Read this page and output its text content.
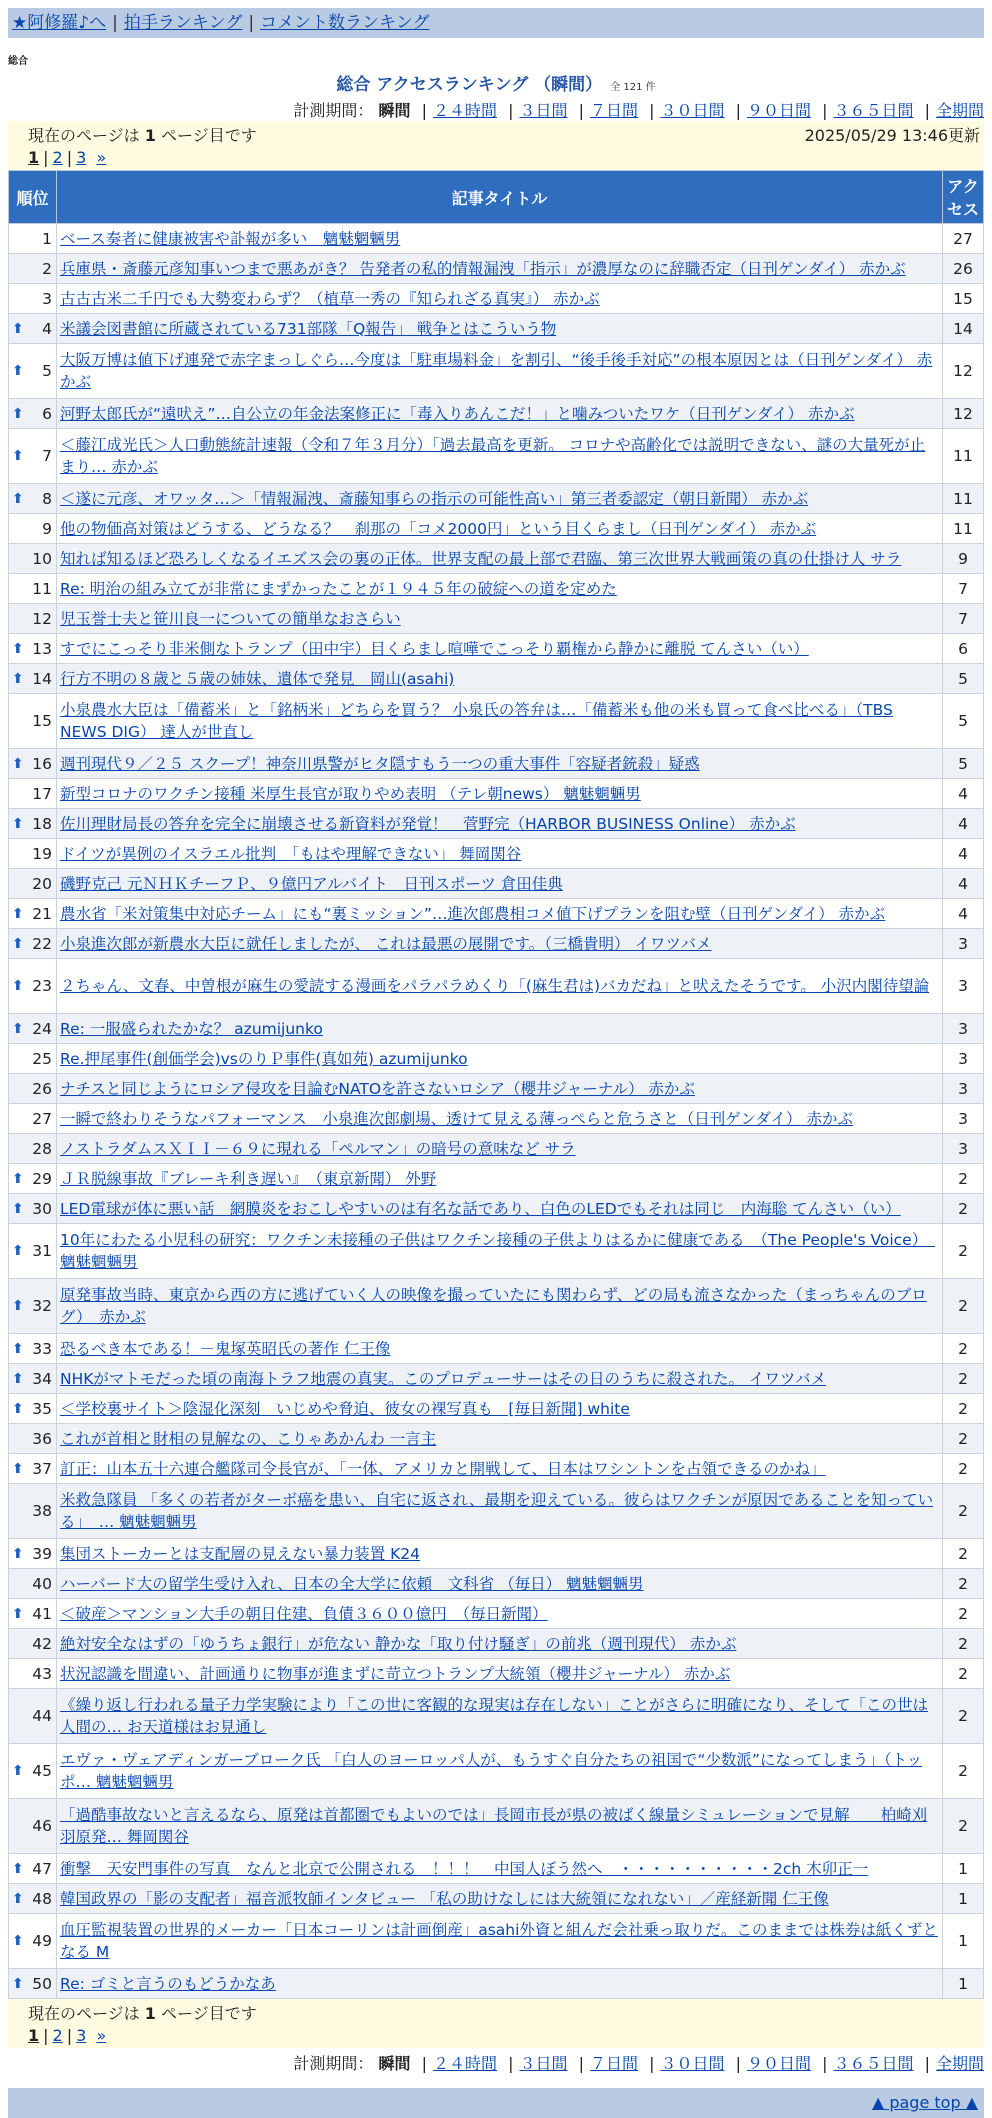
★阿修羅♪へ | 拍手ランキング | コメント数ランキング
総合
総合 アクセスランキング （瞬間） 全 121 件
計測期間： 瞬間 | ２４時間 | ３日間 | ７日間 | ３０日間 | ９０日間 | ３６５日間 | 全期間
現在のページは 1 ページ目です	2025/05/29 13:46更新
1 | 2 | 3 »
順位	記事タイトル	アクセス
1	ベース奏者に健康被害や訃報が多い　魑魅魍魎男	27
2	兵庫県・斎藤元彦知事いつまで悪あがき？ 告発者の私的情報漏洩「指示」が濃厚なのに辞職否定（日刊ゲンダイ） 赤かぶ	26
3	古古古米二千円でも大勢変わらず？（植草一秀の『知られざる真実』） 赤かぶ	15

⬆ 4	米議会図書館に所蔵されている731部隊「Q報告」 戦争とはこういう物	14

⬆ 5	大阪万博は値下げ連発で赤字まっしぐら…今度は「駐車場料金」を割引、“後手後手対応”の根本原因とは（日刊ゲンダイ） 赤かぶ	12

⬆ 6	河野太郎氏が“遠吠え”…自公立の年金法案修正に「毒入りあんこだ！」と噛みついたワケ（日刊ゲンダイ） 赤かぶ	12

⬆ 7	＜藤江成光氏＞人口動態統計速報（令和７年３月分）「過去最高を更新。 コロナや高齢化では説明できない、謎の大量死が止まり… 赤かぶ	11

⬆ 8	＜遂に元彦、オワッタ…＞「情報漏洩、斎藤知事らの指示の可能性高い」第三者委認定（朝日新聞） 赤かぶ	11
9	他の物価高対策はどうする、どうなる？　刹那の「コメ2000円」という目くらまし（日刊ゲンダイ） 赤かぶ	11
10	知れば知るほど恐ろしくなるイエズス会の裏の正体。世界支配の最上部で君臨、第三次世界大戦画策の真の仕掛け人 サラ	9
11	Re: 明治の組み立てが非常にまずかったことが１９４５年の破綻への道を定めた	7
12	児玉誉士夫と笹川良一についての簡単なおさらい	7

⬆ 13	すでにこっそり非米側なトランプ（田中宇）目くらまし喧嘩でこっそり覇権から静かに離脱 てんさい（い）	6

⬆ 14	行方不明の８歳と５歳の姉妹、遺体で発見　岡山(asahi)	5
15	小泉農水大臣は「備蓄米」と「銘柄米」どちらを買う？ 小泉氏の答弁は…「備蓄米も他の米も買って食べ比べる」（TBS NEWS DIG） 達人が世直し	5

⬆ 16	週刊現代９／２５ スクープ！神奈川県警がヒタ隠すもう一つの重大事件「容疑者銃殺」疑惑	5
17	新型コロナのワクチン接種 米厚生長官が取りやめ表明 （テレ朝news） 魑魅魍魎男	4

⬆ 18	佐川理財局長の答弁を完全に崩壊させる新資料が発覚！　菅野完（HARBOR BUSINESS Online） 赤かぶ	4
19	ドイツが異例のイスラエル批判　「もはや理解できない」 舞岡関谷	4
20	磯野克己 元ＮＨＫチーフＰ、９億円アルバイト　日刊スポーツ 倉田佳典	4

⬆ 21	農水省「米対策集中対応チーム」にも“裏ミッション”…進次郎農相コメ値下げプランを阻む壁（日刊ゲンダイ） 赤かぶ	4

⬆ 22	小泉進次郎が新農水大臣に就任しましたが、 これは最悪の展開です。（三橋貴明） イワツバメ	3

⬆ 23	２ちゃん、文春、中曽根が麻生の愛読する漫画をパラパラめくり「(麻生君は)バカだね」と吠えたそうです。 小沢内閣待望論	3

⬆ 24	Re: 一服盛られたかな？ azumijunko	3
25	Re.押尾事件(創価学会)vsのりＰ事件(真如苑) azumijunko	3
26	ナチスと同じようにロシア侵攻を目論むNATOを許さないロシア（櫻井ジャーナル） 赤かぶ	3
27	一瞬で終わりそうなパフォーマンス　小泉進次郎劇場、透けて見える薄っぺらと危うさと（日刊ゲンダイ） 赤かぶ	3
28	ノストラダムスＸＩＩ－６９に現れる「ペルマン」の暗号の意味など サラ	3

⬆ 29	ＪＲ脱線事故『ブレーキ利き遅い』　（東京新聞） 外野	2

⬆ 30	LED電球が体に悪い話　網膜炎をおこしやすいのは有名な話であり、白色のLEDでもそれは同じ　内海聡 てんさい（い）	2

⬆ 31	10年にわたる小児科の研究：ワクチン未接種の子供はワクチン接種の子供よりはるかに健康である　（The People's Voice）　魑魅魍魎男	2

⬆ 32	原発事故当時、東京から西の方に逃げていく人の映像を撮っていたにも関わらず、どの局も流さなかった（まっちゃんのブログ）　赤かぶ	2

⬆ 33	恐るべき本である！－鬼塚英昭氏の著作 仁王像	2

⬆ 34	NHKがマトモだった頃の南海トラフ地震の真実。このプロデューサーはその日のうちに殺された。 イワツバメ	2

⬆ 35	＜学校裏サイト＞陰湿化深刻　いじめや脅迫、彼女の裸写真も　[毎日新聞] white	2
36	これが首相と財相の見解なの、こりゃあかんわ 一言主	2

⬆ 37	訂正：山本五十六連合艦隊司令長官が、「一体、アメリカと開戦して、日本はワシントンを占領できるのかね」	2
38	米救急隊員 「多くの若者がターボ癌を患い、自宅に返され、最期を迎えている。彼らはワクチンが原因であることを知っている」　… 魑魅魍魎男	2

⬆ 39	集団ストーカーとは支配層の見えない暴力装置 K24	2
40	ハーバード大の留学生受け入れ、日本の全大学に依頼　文科省 （毎日） 魑魅魍魎男	2

⬆ 41	＜破産＞マンション大手の朝日住建、負債３６００億円　（毎日新聞）	2
42	絶対安全なはずの「ゆうちょ銀行」が危ない 静かな「取り付け騒ぎ」の前兆（週刊現代） 赤かぶ	2
43	状況認識を間違い、計画通りに物事が進まずに苛立つトランプ大統領（櫻井ジャーナル） 赤かぶ	2
44	《繰り返し行われる量子力学実験により「この世に客観的な現実は存在しない」ことがさらに明確になり、そして「この世は人間の… お天道様はお見通し	2

⬆ 45	エヴァ・ヴェアディンガーブローク氏 「白人のヨーロッパ人が、もうすぐ自分たちの祖国で“少数派”になってしまう」（トッポ… 魑魅魍魎男	2
46	「過酷事故ないと言えるなら、原発は首都圏でもよいのでは」長岡市長が県の被ばく線量シミュレーションで見解　　柏崎刈羽原発… 舞岡関谷	2

⬆ 47	衝撃　天安門事件の写真　なんと北京で公開される　！！！　中国人ぼう然へ　・・・・・・・・・・2ch 木卯正一	1

⬆ 48	韓国政界の「影の支配者」福音派牧師インタビュー 「私の助けなしには大統領になれない」／産経新聞 仁王像	1

⬆ 49	血圧監視装置の世界的メーカー「日本コーリンは計画倒産」asahi外資と組んだ会社乗っ取りだ。このままでは株券は紙くずとなる M	1

⬆ 50	Re: ゴミと言うのもどうかなあ	1
現在のページは 1 ページ目です
1 | 2 | 3 »
計測期間： 瞬間 | ２４時間 | ３日間 | ７日間 | ３０日間 | ９０日間 | ３６５日間 | 全期間
▲ page top ▲
